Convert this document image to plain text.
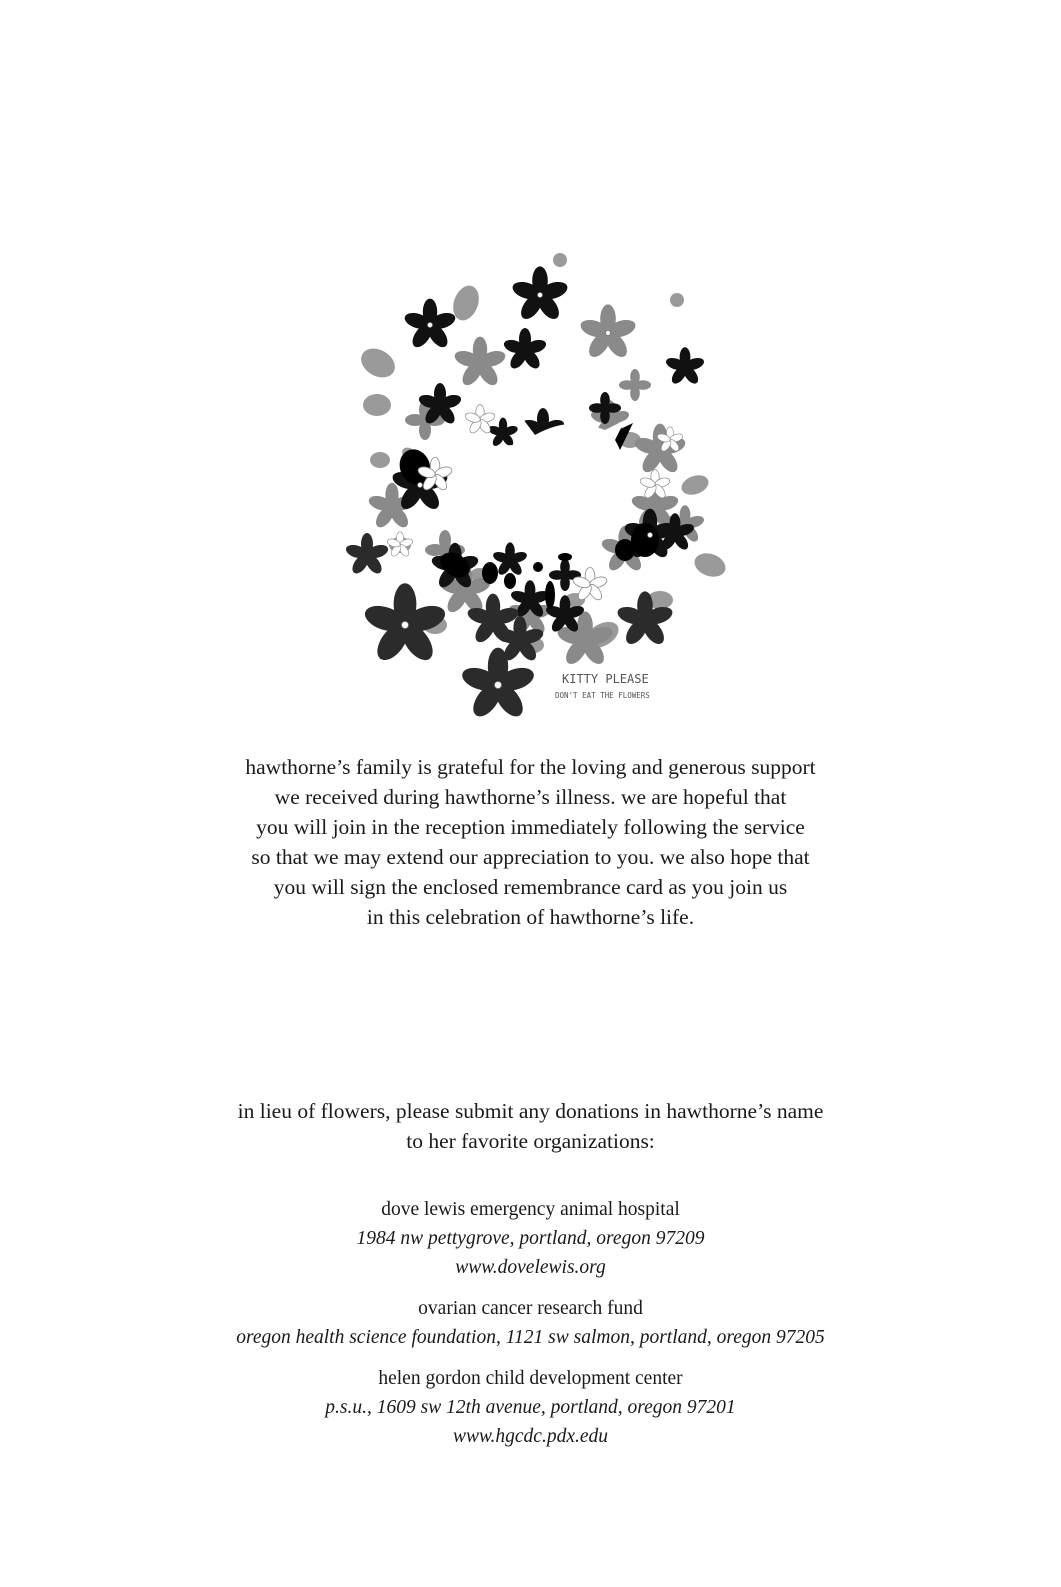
KITTY PLEASE
DON'T EAT THE FLOWERS
hawthorne’s family is grateful for the loving and generous support
we received during hawthorne’s illness. we are hopeful that
you will join in the reception immediately following the service
so that we may extend our appreciation to you. we also hope that
you will sign the enclosed remembrance card as you join us
in this celebration of hawthorne’s life.
in lieu of flowers, please submit any donations in hawthorne’s name
to her favorite organizations:
dove lewis emergency animal hospital
1984 nw pettygrove, portland, oregon 97209
www.dovelewis.org
ovarian cancer research fund
oregon health science foundation, 1121 sw salmon, portland, oregon 97205
helen gordon child development center
p.s.u., 1609 sw 12th avenue, portland, oregon 97201
www.hgcdc.pdx.edu
